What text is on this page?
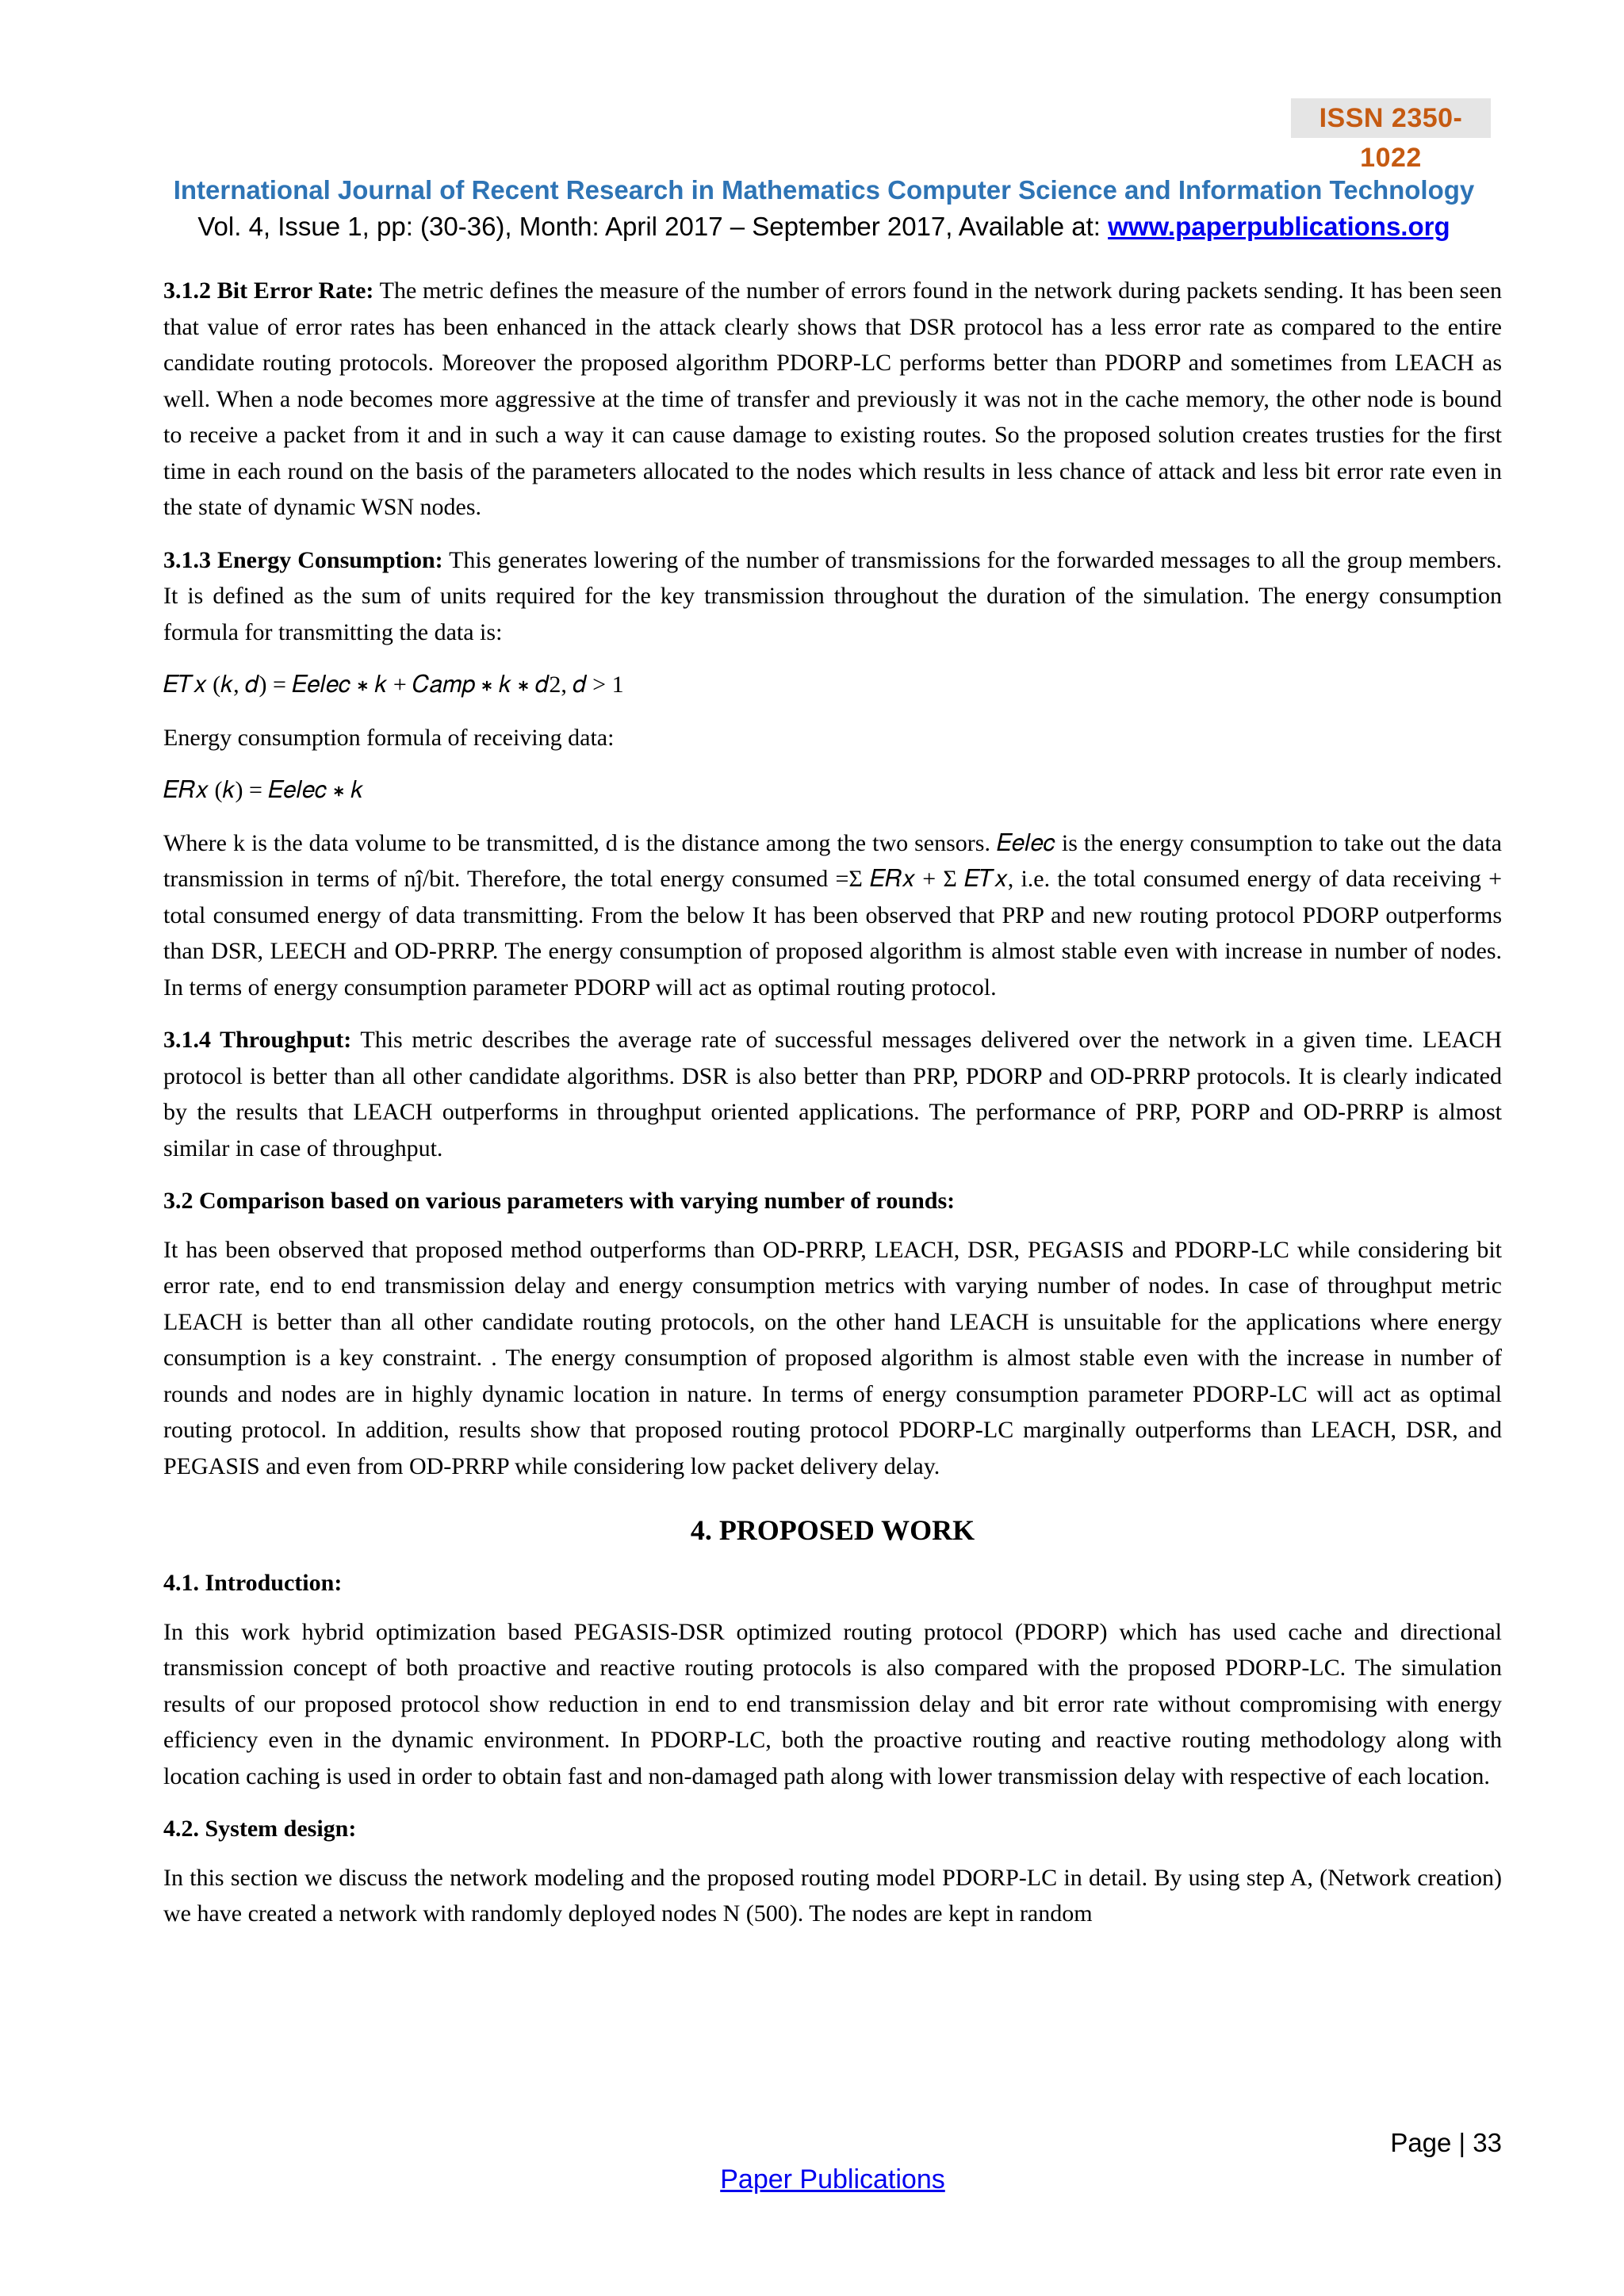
ISSN 2350-1022
International Journal of Recent Research in Mathematics Computer Science and Information Technology
Vol. 4, Issue 1, pp: (30-36), Month: April 2017 – September 2017, Available at: www.paperpublications.org

3.1.2 Bit Error Rate: The metric defines the measure of the number of errors found in the network during packets sending. It has been seen that value of error rates has been enhanced in the attack clearly shows that DSR protocol has a less error rate as compared to the entire candidate routing protocols. Moreover the proposed algorithm PDORP-LC performs better than PDORP and sometimes from LEACH as well. When a node becomes more aggressive at the time of transfer and previously it was not in the cache memory, the other node is bound to receive a packet from it and in such a way it can cause damage to existing routes. So the proposed solution creates trusties for the first time in each round on the basis of the parameters allocated to the nodes which results in less chance of attack and less bit error rate even in the state of dynamic WSN nodes.

3.1.3 Energy Consumption: This generates lowering of the number of transmissions for the forwarded messages to all the group members. It is defined as the sum of units required for the key transmission throughout the duration of the simulation. The energy consumption formula for transmitting the data is:

𝐸𝑇𝑥 (𝑘, 𝑑) = 𝐸𝑒𝑙𝑒𝑐 ∗ 𝑘 + 𝐶𝑎𝑚𝑝 ∗ 𝑘 ∗ 𝑑2, 𝑑 > 1

Energy consumption formula of receiving data:

𝐸𝑅𝑥 (𝑘) = 𝐸𝑒𝑙𝑒𝑐 ∗ 𝑘

Where k is the data volume to be transmitted, d is the distance among the two sensors. 𝐸𝑒𝑙𝑒𝑐 is the energy consumption to take out the data transmission in terms of nĵ/bit. Therefore, the total energy consumed =Σ 𝐸𝑅𝑥 + Σ 𝐸𝑇𝑥, i.e. the total consumed energy of data receiving + total consumed energy of data transmitting. From the below It has been observed that PRP and new routing protocol PDORP outperforms than DSR, LEECH and OD-PRRP. The energy consumption of proposed algorithm is almost stable even with increase in number of nodes. In terms of energy consumption parameter PDORP will act as optimal routing protocol.

3.1.4 Throughput: This metric describes the average rate of successful messages delivered over the network in a given time. LEACH protocol is better than all other candidate algorithms. DSR is also better than PRP, PDORP and OD-PRRP protocols. It is clearly indicated by the results that LEACH outperforms in throughput oriented applications. The performance of PRP, PORP and OD-PRRP is almost similar in case of throughput.

3.2 Comparison based on various parameters with varying number of rounds:

It has been observed that proposed method outperforms than OD-PRRP, LEACH, DSR, PEGASIS and PDORP-LC while considering bit error rate, end to end transmission delay and energy consumption metrics with varying number of nodes. In case of throughput metric LEACH is better than all other candidate routing protocols, on the other hand LEACH is unsuitable for the applications where energy consumption is a key constraint. . The energy consumption of proposed algorithm is almost stable even with the increase in number of rounds and nodes are in highly dynamic location in nature. In terms of energy consumption parameter PDORP-LC will act as optimal routing protocol. In addition, results show that proposed routing protocol PDORP-LC marginally outperforms than LEACH, DSR, and PEGASIS and even from OD-PRRP while considering low packet delivery delay.

4. PROPOSED WORK

4.1. Introduction:

In this work hybrid optimization based PEGASIS-DSR optimized routing protocol (PDORP) which has used cache and directional transmission concept of both proactive and reactive routing protocols is also compared with the proposed PDORP-LC. The simulation results of our proposed protocol show reduction in end to end transmission delay and bit error rate without compromising with energy efficiency even in the dynamic environment. In PDORP-LC, both the proactive routing and reactive routing methodology along with location caching is used in order to obtain fast and non-damaged path along with lower transmission delay with respective of each location.

4.2. System design:

In this section we discuss the network modeling and the proposed routing model PDORP-LC in detail. By using step A, (Network creation) we have created a network with randomly deployed nodes N (500). The nodes are kept in random

Page | 33
Paper Publications
